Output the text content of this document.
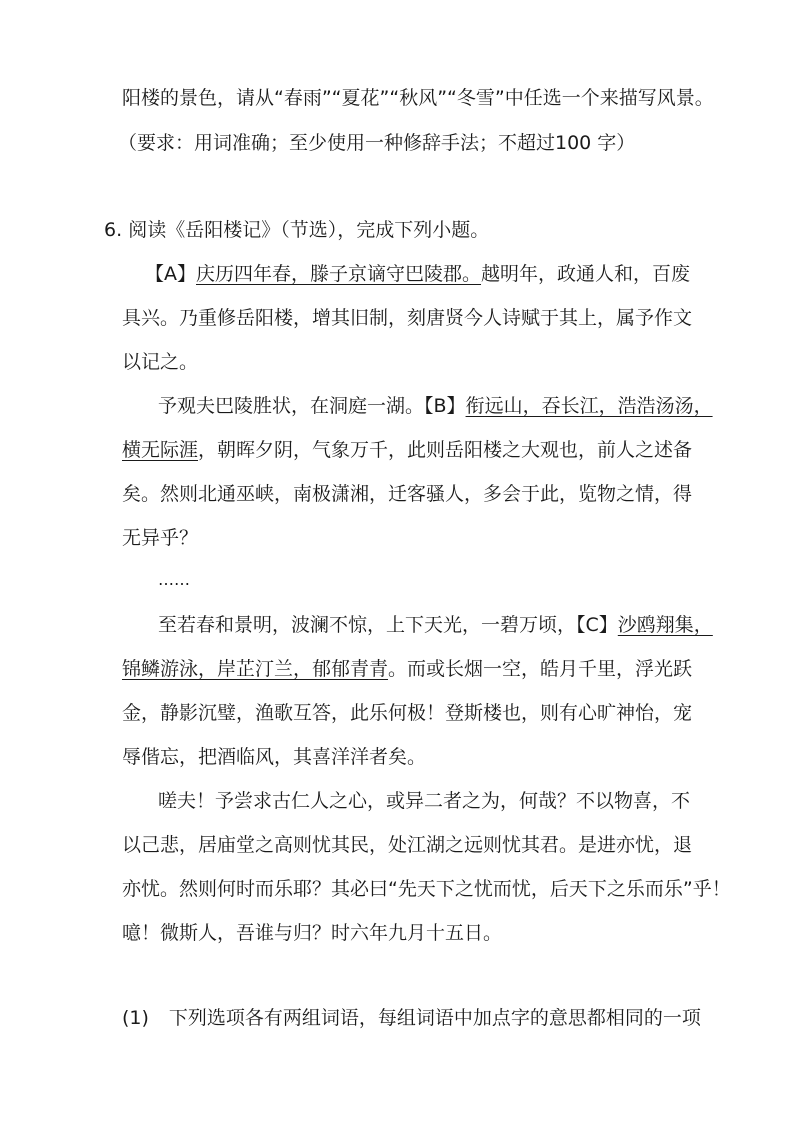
阳楼的景色，请从“春雨”“夏花”“秋风”“冬雪”中任选一个来描写风景。
（要求：用词准确；至少使用一种修辞手法；不超过100 字）
6. 阅读《岳阳楼记》（节选），完成下列小题。
【A】庆历四年春，滕子京谪守巴陵郡。越明年，政通人和，百废
具兴。乃重修岳阳楼，增其旧制，刻唐贤今人诗赋于其上，属予作文
以记之。
予观夫巴陵胜状，在洞庭一湖。【B】衔远山，吞长江，浩浩汤汤，
横无际涯，朝晖夕阴，气象万千，此则岳阳楼之大观也，前人之述备
矣。然则北通巫峡，南极潇湘，迁客骚人，多会于此，览物之情，得
无异乎？
……
至若春和景明，波澜不惊，上下天光，一碧万顷，【C】沙鸥翔集，
锦鳞游泳，岸芷汀兰，郁郁青青。而或长烟一空，皓月千里，浮光跃
金，静影沉璧，渔歌互答，此乐何极！登斯楼也，则有心旷神怡，宠
辱偕忘，把酒临风，其喜洋洋者矣。
嗟夫！予尝求古仁人之心，或异二者之为，何哉？不以物喜，不
以己悲，居庙堂之高则忧其民，处江湖之远则忧其君。是进亦忧，退
亦忧。然则何时而乐耶？其必曰“先天下之忧而忧，后天下之乐而乐”乎！
噫！微斯人，吾谁与归？时六年九月十五日。
(1) 下列选项各有两组词语，每组词语中加点字的意思都相同的一项
